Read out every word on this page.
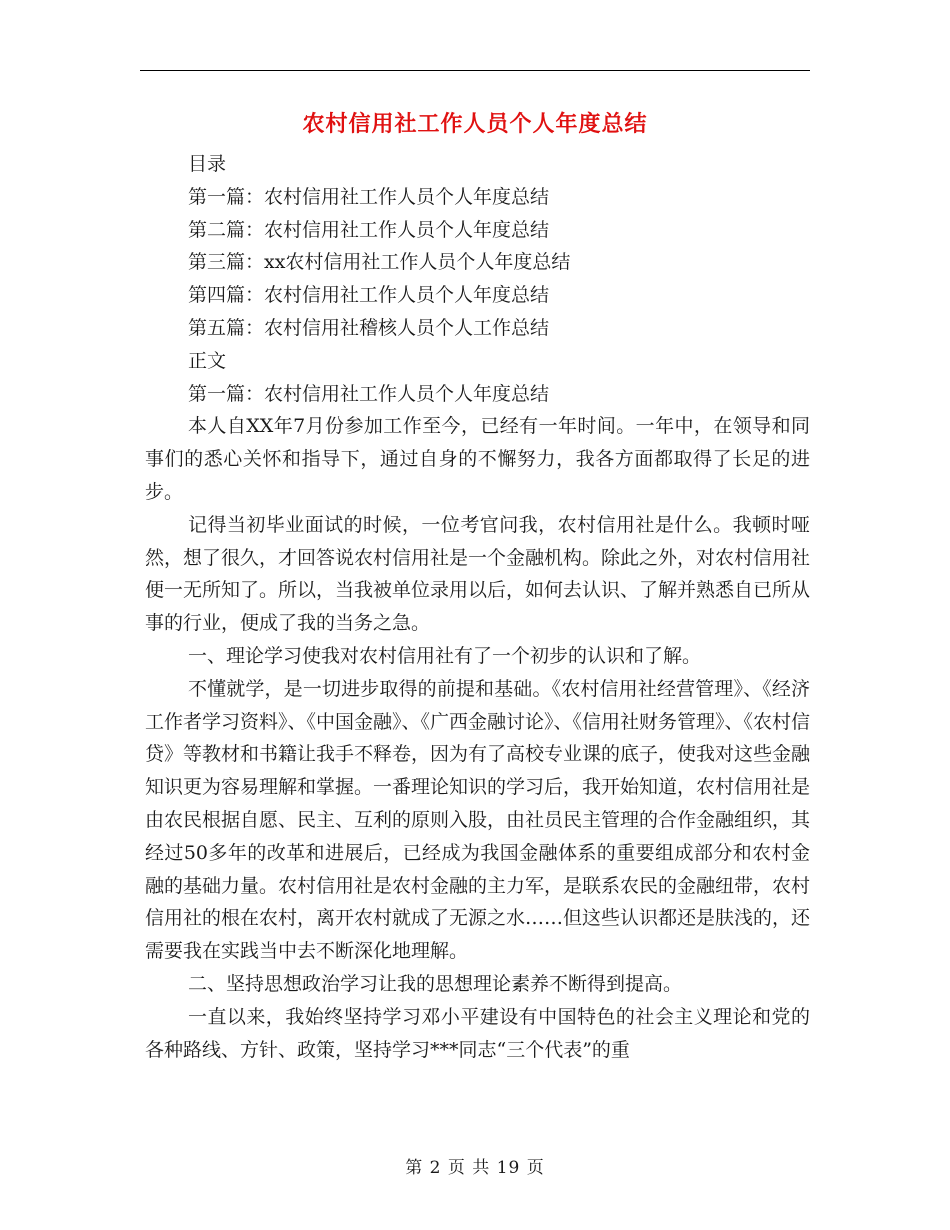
农村信用社工作人员个人年度总结
目录
第一篇：农村信用社工作人员个人年度总结
第二篇：农村信用社工作人员个人年度总结
第三篇：xx农村信用社工作人员个人年度总结
第四篇：农村信用社工作人员个人年度总结
第五篇：农村信用社稽核人员个人工作总结
正文
第一篇：农村信用社工作人员个人年度总结

本人自XX年7月份参加工作至今，已经有一年时间。一年中，在领导和同事们的悉心关怀和指导下，通过自身的不懈努力，我各方面都取得了长足的进步。

记得当初毕业面试的时候，一位考官问我，农村信用社是什么。我顿时哑然，想了很久，才回答说农村信用社是一个金融机构。除此之外，对农村信用社便一无所知了。所以，当我被单位录用以后，如何去认识、了解并熟悉自已所从事的行业，便成了我的当务之急。

一、理论学习使我对农村信用社有了一个初步的认识和了解。

不懂就学，是一切进步取得的前提和基础。《农村信用社经营管理》、《经济工作者学习资料》、《中国金融》、《广西金融讨论》、《信用社财务管理》、《农村信贷》等教材和书籍让我手不释卷，因为有了高校专业课的底子，使我对这些金融知识更为容易理解和掌握。一番理论知识的学习后，我开始知道，农村信用社是由农民根据自愿、民主、互利的原则入股，由社员民主管理的合作金融组织，其经过50多年的改革和进展后，已经成为我国金融体系的重要组成部分和农村金融的基础力量。农村信用社是农村金融的主力军，是联系农民的金融纽带，农村信用社的根在农村，离开农村就成了无源之水……但这些认识都还是肤浅的，还需要我在实践当中去不断深化地理解。

二、坚持思想政治学习让我的思想理论素养不断得到提高。

一直以来，我始终坚持学习邓小平建设有中国特色的社会主义理论和党的各种路线、方针、政策，坚持学习***同志“三个代表”的重

第 2 页 共 19 页
